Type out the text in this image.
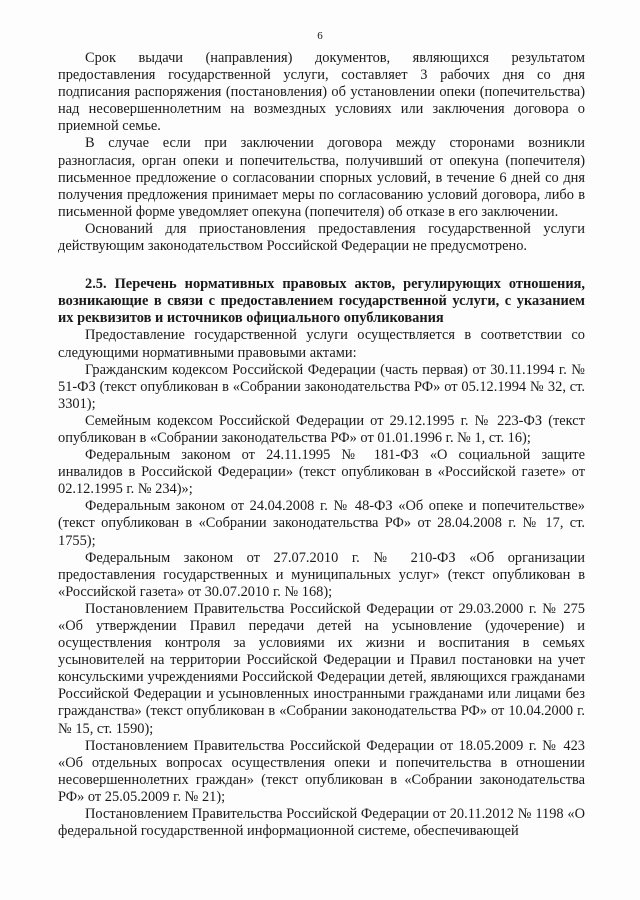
6

Срок выдачи (направления) документов, являющихся результатом предоставления государственной услуги, составляет 3 рабочих дня со дня подписания распоряжения (постановления) об установлении опеки (попечительства) над несовершеннолетним на возмездных условиях или заключения договора о приемной семье.

В случае если при заключении договора между сторонами возникли разногласия, орган опеки и попечительства, получивший от опекуна (попечителя) письменное предложение о согласовании спорных условий, в течение 6 дней со дня получения предложения принимает меры по согласованию условий договора, либо в письменной форме уведомляет опекуна (попечителя) об отказе в его заключении.

Оснований для приостановления предоставления государственной услуги действующим законодательством Российской Федерации не предусмотрено.

2.5. Перечень нормативных правовых актов, регулирующих отношения, возникающие в связи с предоставлением государственной услуги, с указанием их реквизитов и источников официального опубликования

Предоставление государственной услуги осуществляется в соответствии со следующими нормативными правовыми актами:

Гражданским кодексом Российской Федерации (часть первая) от 30.11.1994 г. № 51-ФЗ (текст опубликован в «Собрании законодательства РФ» от 05.12.1994 № 32, ст. 3301);

Семейным кодексом Российской Федерации от 29.12.1995 г. № 223-ФЗ (текст опубликован в «Собрании законодательства РФ» от 01.01.1996 г. № 1, ст. 16);

Федеральным законом от 24.11.1995 № 181-ФЗ «О социальной защите инвалидов в Российской Федерации» (текст опубликован в «Российской газете» от 02.12.1995 г. № 234)»;

Федеральным законом от 24.04.2008 г. № 48-ФЗ «Об опеке и попечительстве» (текст опубликован в «Собрании законодательства РФ» от 28.04.2008 г. № 17, ст. 1755);

Федеральным законом от 27.07.2010 г. № 210-ФЗ «Об организации предоставления государственных и муниципальных услуг» (текст опубликован в «Российской газета» от 30.07.2010 г. № 168);

Постановлением Правительства Российской Федерации от 29.03.2000 г. № 275 «Об утверждении Правил передачи детей на усыновление (удочерение) и осуществления контроля за условиями их жизни и воспитания в семьях усыновителей на территории Российской Федерации и Правил постановки на учет консульскими учреждениями Российской Федерации детей, являющихся гражданами Российской Федерации и усыновленных иностранными гражданами или лицами без гражданства» (текст опубликован в «Собрании законодательства РФ» от 10.04.2000 г. № 15, ст. 1590);

Постановлением Правительства Российской Федерации от 18.05.2009 г. № 423 «Об отдельных вопросах осуществления опеки и попечительства в отношении несовершеннолетних граждан» (текст опубликован в «Собрании законодательства РФ» от 25.05.2009 г. № 21);

Постановлением Правительства Российской Федерации от 20.11.2012 № 1198 «О федеральной государственной информационной системе, обеспечивающей
